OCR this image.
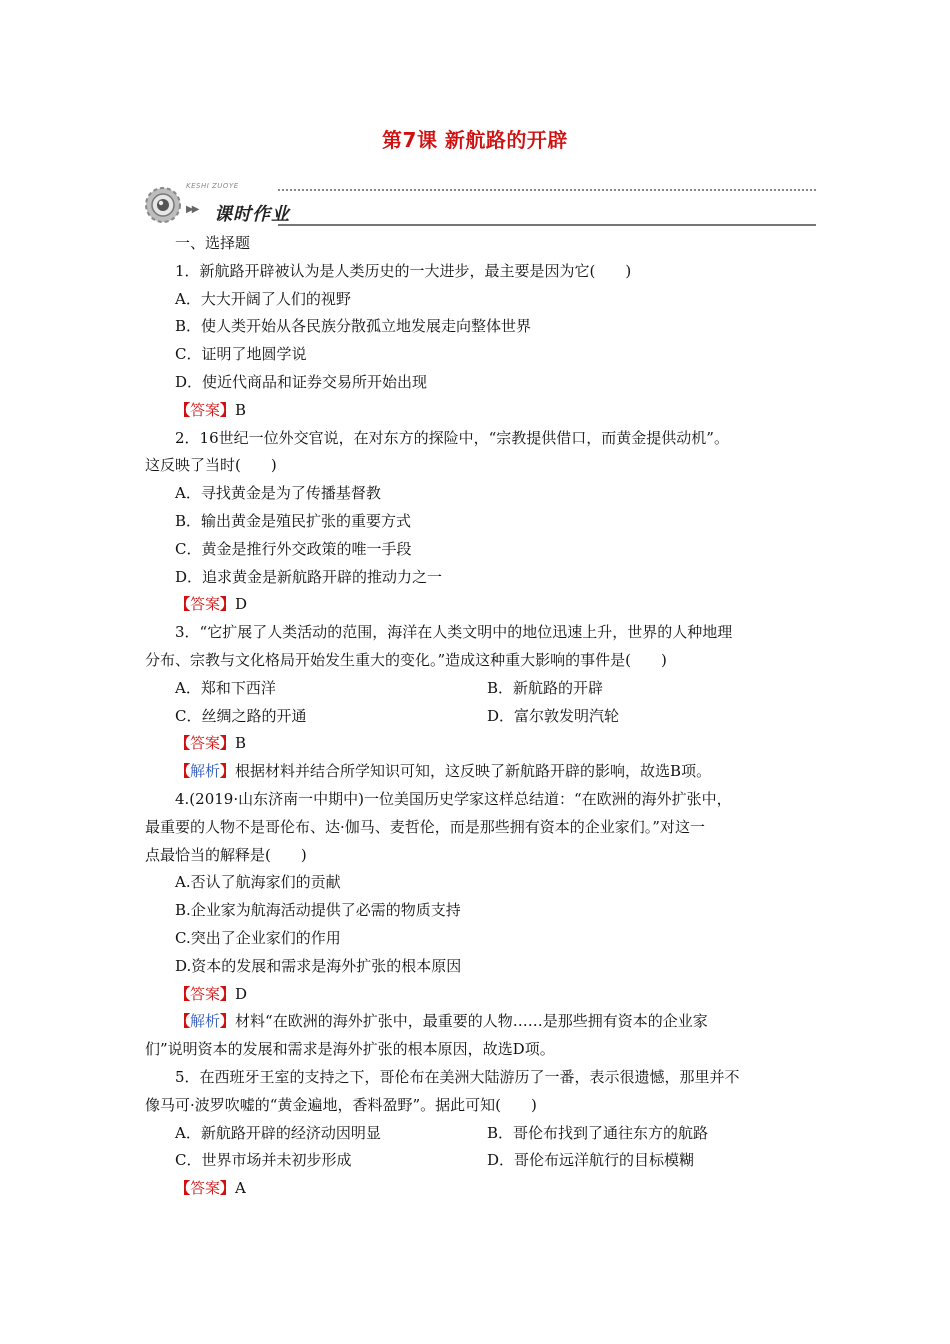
第7课 新航路的开辟
KESHI ZUOYE
▶▶ 课时作业

一、选择题

1．新航路开辟被认为是人类历史的一大进步，最主要是因为它(　　)

A．大大开阔了人们的视野

B．使人类开始从各民族分散孤立地发展走向整体世界

C．证明了地圆学说

D．使近代商品和证券交易所开始出现

【答案】B

2．16世纪一位外交官说，在对东方的探险中，“宗教提供借口，而黄金提供动机”。

这反映了当时(　　)

A．寻找黄金是为了传播基督教

B．输出黄金是殖民扩张的重要方式

C．黄金是推行外交政策的唯一手段

D．追求黄金是新航路开辟的推动力之一

【答案】D

3．“它扩展了人类活动的范围，海洋在人类文明中的地位迅速上升，世界的人种地理

分布、宗教与文化格局开始发生重大的变化。”造成这种重大影响的事件是(　　)

A．郑和下西洋	B．新航路的开辟
C．丝绸之路的开通	D．富尔敦发明汽轮

【答案】B

【解析】根据材料并结合所学知识可知，这反映了新航路开辟的影响，故选B项。

4.(2019·山东济南一中期中)一位美国历史学家这样总结道：“在欧洲的海外扩张中，

最重要的人物不是哥伦布、达·伽马、麦哲伦，而是那些拥有资本的企业家们。”对这一

点最恰当的解释是(　　)

A.否认了航海家们的贡献

B.企业家为航海活动提供了必需的物质支持

C.突出了企业家们的作用

D.资本的发展和需求是海外扩张的根本原因

【答案】D

【解析】材料“在欧洲的海外扩张中，最重要的人物……是那些拥有资本的企业家

们”说明资本的发展和需求是海外扩张的根本原因，故选D项。

5．在西班牙王室的支持之下，哥伦布在美洲大陆游历了一番，表示很遗憾，那里并不

像马可·波罗吹嘘的“黄金遍地，香料盈野”。据此可知(　　)

A．新航路开辟的经济动因明显	B．哥伦布找到了通往东方的航路
C．世界市场并未初步形成	D．哥伦布远洋航行的目标模糊

【答案】A
